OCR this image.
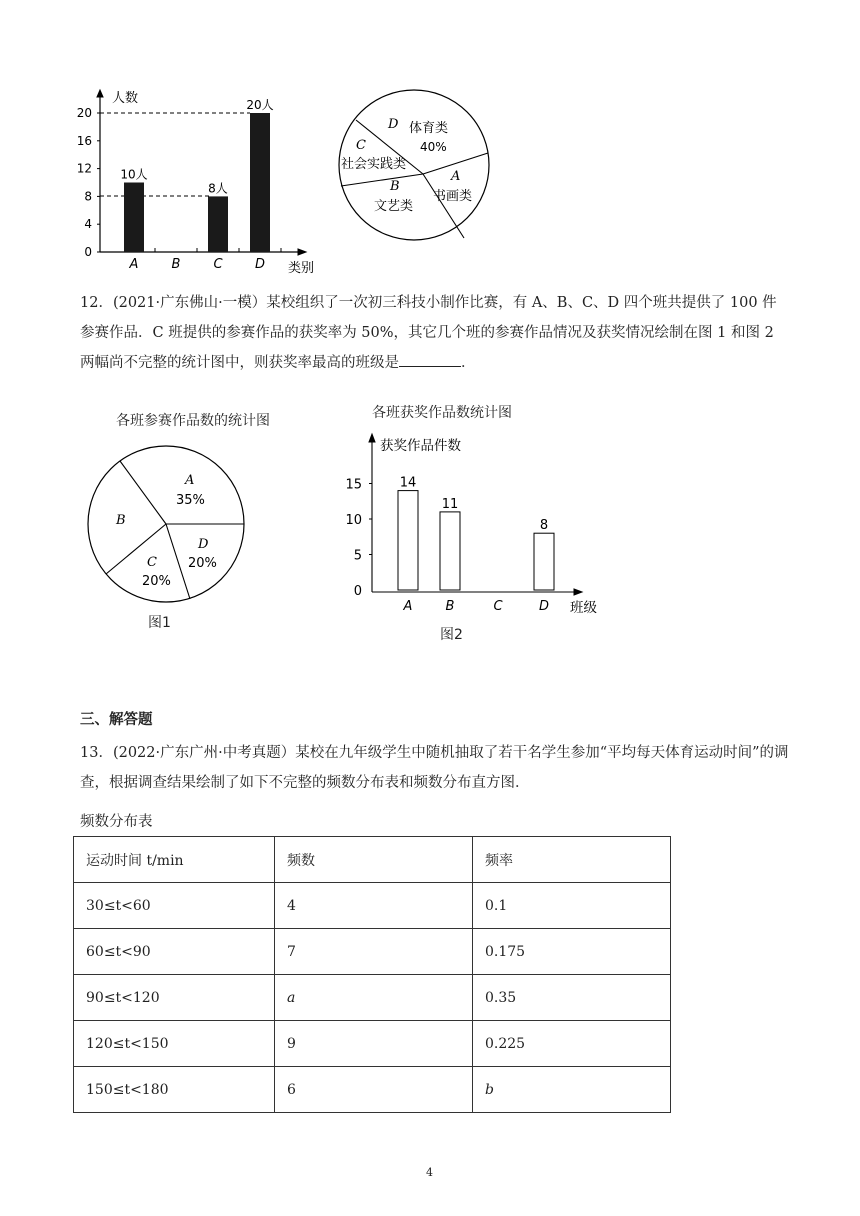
0
4
8
12
16
20
10人
A	B
8人
C
20人
D
人数
类别
D 体育类
40%
C
社会实践类
B
文艺类
A
书画类
12．(2021·广东佛山·一模）某校组织了一次初三科技小制作比赛，有 A、B、C、D 四个班共提供了 100 件参赛作品．C 班提供的参赛作品的获奖率为 50%，其它几个班的参赛作品情况及获奖情况绘制在图 1 和图 2 两幅尚不完整的统计图中，则获奖率最高的班级是	．
各班参赛作品数的统计图
A
35%
B
C
20%
D
20%
图1
各班获奖作品数统计图
0
5
10
15	14
A
11
B	C
8
D
获奖作品件数
班级
图2
三、解答题
13．(2022·广东广州·中考真题）某校在九年级学生中随机抽取了若干名学生参加“平均每天体育运动时间”的调查，根据调查结果绘制了如下不完整的频数分布表和频数分布直方图．
频数分布表
运动时间 t/min	频数	频率
30≤t<60	4	0.1
60≤t<90	7	0.175
90≤t<120	a	0.35
120≤t<150	9	0.225
150≤t<180	6	b
4
